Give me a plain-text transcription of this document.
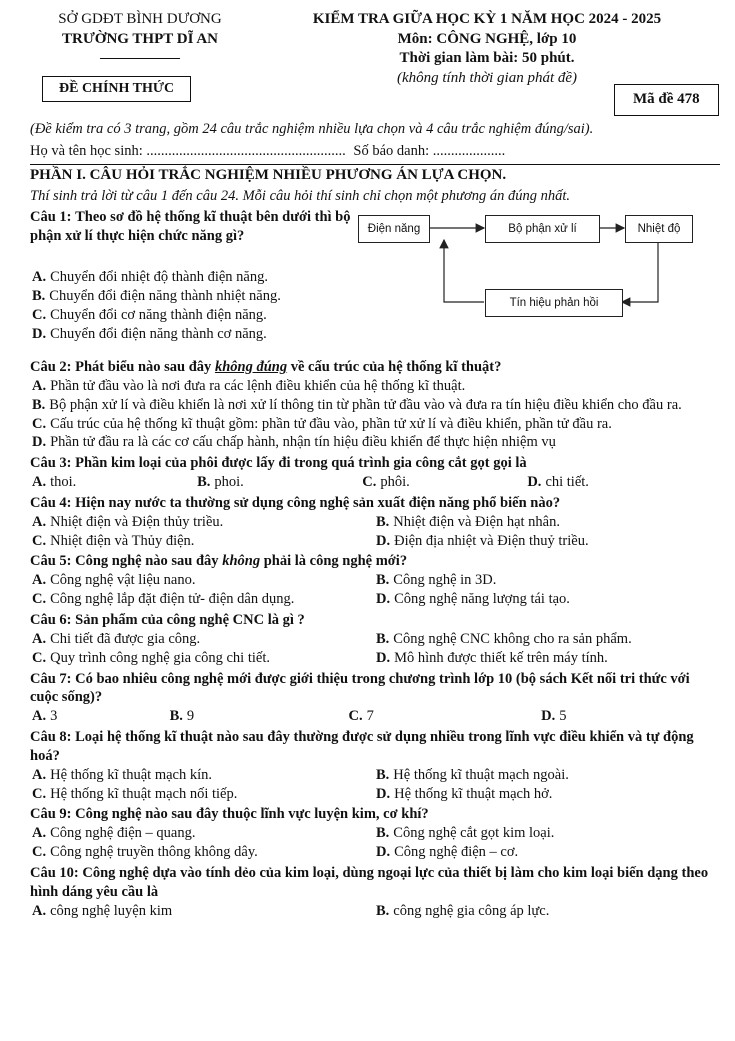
SỞ GDĐT BÌNH DƯƠNG
TRƯỜNG THPT DĨ AN
KIỂM TRA GIỮA HỌC KỲ 1 NĂM HỌC 2024 - 2025
Môn: CÔNG NGHỆ, lớp 10
Thời gian làm bài: 50 phút.
(không tính thời gian phát đề)
ĐỀ CHÍNH THỨC
Mã đề 478
(Đề kiểm tra có 3 trang, gồm 24 câu trắc nghiệm nhiều lựa chọn và 4 câu trắc nghiệm đúng/sai).
Họ và tên học sinh: ....................................................... Số báo danh: ....................
PHẦN I. CÂU HỎI TRẮC NGHIỆM NHIỀU PHƯƠNG ÁN LỰA CHỌN.
Thí sinh trả lời từ câu 1 đến câu 24. Mỗi câu hỏi thí sinh chỉ chọn một phương án đúng nhất.
Câu 1: Theo sơ đồ hệ thống kĩ thuật bên dưới thì bộ phận xử lí thực hiện chức năng gì?
A. Chuyển đổi nhiệt độ thành điện năng.
B. Chuyển đổi điện năng thành nhiệt năng.
C. Chuyển đổi cơ năng thành điện năng.
D. Chuyển đổi điện năng thành cơ năng.
Điện năng	Bộ phận xử lí	Nhiệt độ
Tín hiệu phản hồi
Câu 2: Phát biểu nào sau đây không đúng về cấu trúc của hệ thống kĩ thuật?
A. Phần tử đầu vào là nơi đưa ra các lệnh điều khiển của hệ thống kĩ thuật.
B. Bộ phận xử lí và điều khiển là nơi xử lí thông tin từ phần tử đầu vào và đưa ra tín hiệu điều khiển cho đầu ra.
C. Cấu trúc của hệ thống kĩ thuật gồm: phần tử đầu vào, phần tử xử lí và điều khiển, phần tử đầu ra.
D. Phần tử đầu ra là các cơ cấu chấp hành, nhận tín hiệu điều khiển để thực hiện nhiệm vụ
Câu 3: Phần kim loại của phôi được lấy đi trong quá trình gia công cắt gọt gọi là
A. thoi.	B. phoi.	C. phôi.	D. chi tiết.
Câu 4: Hiện nay nước ta thường sử dụng công nghệ sản xuất điện năng phổ biến nào?
A. Nhiệt điện và Điện thủy triều.	B. Nhiệt điện và Điện hạt nhân.
C. Nhiệt điện và Thủy điện.	D. Điện địa nhiệt và Điện thuỷ triều.
Câu 5: Công nghệ nào sau đây không phải là công nghệ mới?
A. Công nghệ vật liệu nano.	B. Công nghệ in 3D.
C. Công nghệ lắp đặt điện tử- điện dân dụng.	D. Công nghệ năng lượng tái tạo.
Câu 6: Sản phẩm của công nghệ CNC là gì ?
A. Chi tiết đã được gia công.	B. Công nghệ CNC không cho ra sản phẩm.
C. Quy trình công nghệ gia công chi tiết.	D. Mô hình được thiết kế trên máy tính.
Câu 7: Có bao nhiêu công nghệ mới được giới thiệu trong chương trình lớp 10 (bộ sách Kết nối tri thức với cuộc sống)?
A. 3	B. 9	C. 7	D. 5
Câu 8: Loại hệ thống kĩ thuật nào sau đây thường được sử dụng nhiều trong lĩnh vực điều khiển và tự động hoá?
A. Hệ thống kĩ thuật mạch kín.	B. Hệ thống kĩ thuật mạch ngoài.
C. Hệ thống kĩ thuật mạch nối tiếp.	D. Hệ thống kĩ thuật mạch hở.
Câu 9: Công nghệ nào sau đây thuộc lĩnh vực luyện kim, cơ khí?
A. Công nghệ điện – quang.	B. Công nghệ cắt gọt kim loại.
C. Công nghệ truyền thông không dây.	D. Công nghệ điện – cơ.
Câu 10: Công nghệ dựa vào tính dẻo của kim loại, dùng ngoại lực của thiết bị làm cho kim loại biến dạng theo hình dáng yêu cầu là
A. công nghệ luyện kim	B. công nghệ gia công áp lực.
